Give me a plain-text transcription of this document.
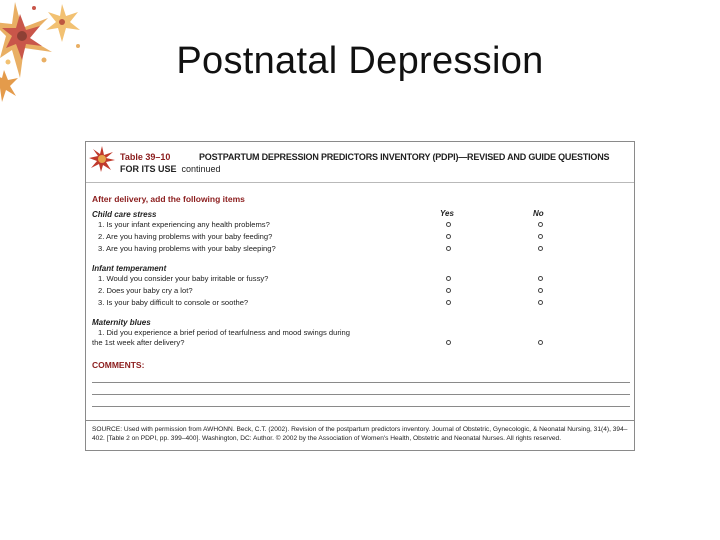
Postnatal Depression
Table 39–10	POSTPARTUM DEPRESSION PREDICTORS INVENTORY (PDPI)—REVISED AND GUIDE QUESTIONS
FOR ITS USE continued
After delivery, add the following items
Yes	No
Child care stress
1. Is your infant experiencing any health problems?
2. Are you having problems with your baby feeding?
3. Are you having problems with your baby sleeping?
Infant temperament
1. Would you consider your baby irritable or fussy?
2. Does your baby cry a lot?
3. Is your baby difficult to console or soothe?
Maternity blues
1. Did you experience a brief period of tearfulness and mood swings during
the 1st week after delivery?
COMMENTS:
SOURCE: Used with permission from AWHONN. Beck, C.T. (2002). Revision of the postpartum predictors inventory. Journal of Obstetric, Gynecologic, & Neonatal Nursing, 31(4), 394–402. [Table 2 on PDPI, pp. 399–400]. Washington, DC: Author. © 2002 by the Association of Women's Health, Obstetric and Neonatal Nurses. All rights reserved.
